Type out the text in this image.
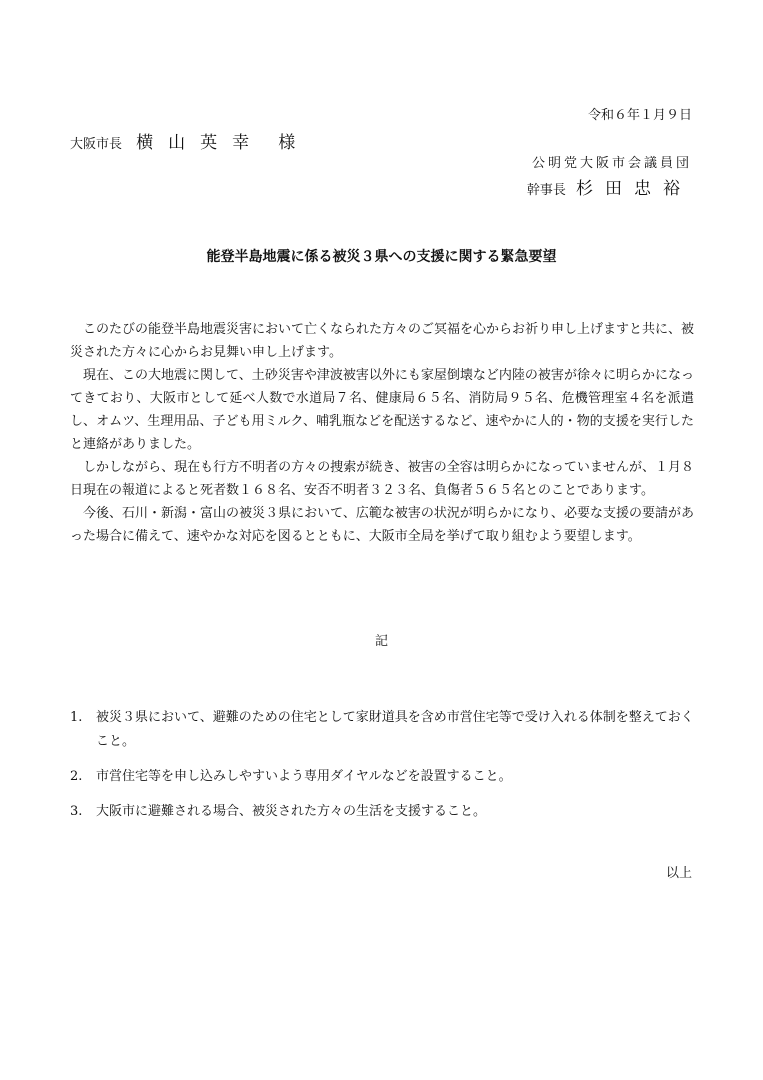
令和６年１月９日
大阪市長 横山英幸 様
公明党大阪市会議員団
幹事長 杉田忠裕
能登半島地震に係る被災３県への支援に関する緊急要望

このたびの能登半島地震災害において亡くなられた方々のご冥福を心からお祈り申し上げますと共に、被災された方々に心からお見舞い申し上げます。

現在、この大地震に関して、土砂災害や津波被害以外にも家屋倒壊など内陸の被害が徐々に明らかになってきており、大阪市として延べ人数で水道局７名、健康局６５名、消防局９５名、危機管理室４名を派遣し、オムツ、生理用品、子ども用ミルク、哺乳瓶などを配送するなど、速やかに人的・物的支援を実行したと連絡がありました。

しかしながら、現在も行方不明者の方々の捜索が続き、被害の全容は明らかになっていませんが、１月８日現在の報道によると死者数１６８名、安否不明者３２３名、負傷者５６５名とのことであります。

今後、石川・新潟・富山の被災３県において、広範な被害の状況が明らかになり、必要な支援の要請があった場合に備えて、速やかな対応を図るとともに、大阪市全局を挙げて取り組むよう要望します。

記
1. 被災３県において、避難のための住宅として家財道具を含め市営住宅等で受け入れる体制を整えておくこと。
2. 市営住宅等を申し込みしやすいよう専用ダイヤルなどを設置すること。
3. 大阪市に避難される場合、被災された方々の生活を支援すること。
以上
